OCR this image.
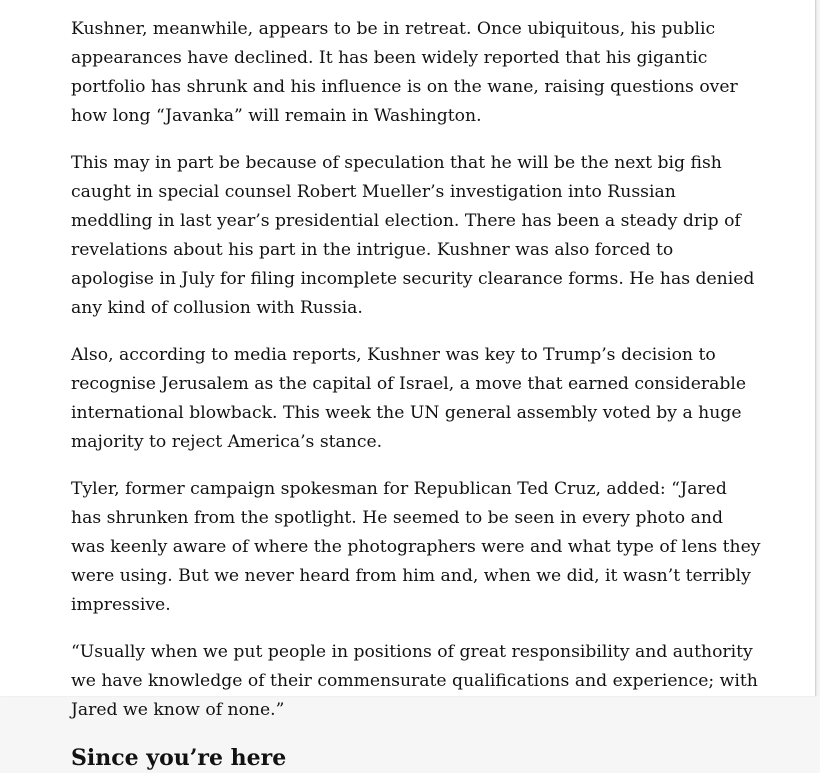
Kushner, meanwhile, appears to be in retreat. Once ubiquitous, his public appearances have declined. It has been widely reported that his gigantic portfolio has shrunk and his influence is on the wane, raising questions over how long “Javanka” will remain in Washington.

This may in part be because of speculation that he will be the next big fish caught in special counsel Robert Mueller’s investigation into Russian meddling in last year’s presidential election. There has been a steady drip of revelations about his part in the intrigue. Kushner was also forced to apologise in July for filing incomplete security clearance forms. He has denied any kind of collusion with Russia.

Also, according to media reports, Kushner was key to Trump’s decision to recognise Jerusalem as the capital of Israel, a move that earned considerable international blowback. This week the UN general assembly voted by a huge majority to reject America’s stance.

Tyler, former campaign spokesman for Republican Ted Cruz, added: “Jared has shrunken from the spotlight. He seemed to be seen in every photo and was keenly aware of where the photographers were and what type of lens they were using. But we never heard from him and, when we did, it wasn’t terribly impressive.

“Usually when we put people in positions of great responsibility and authority we have knowledge of their commensurate qualifications and experience; with Jared we know of none.”

Since you’re here
